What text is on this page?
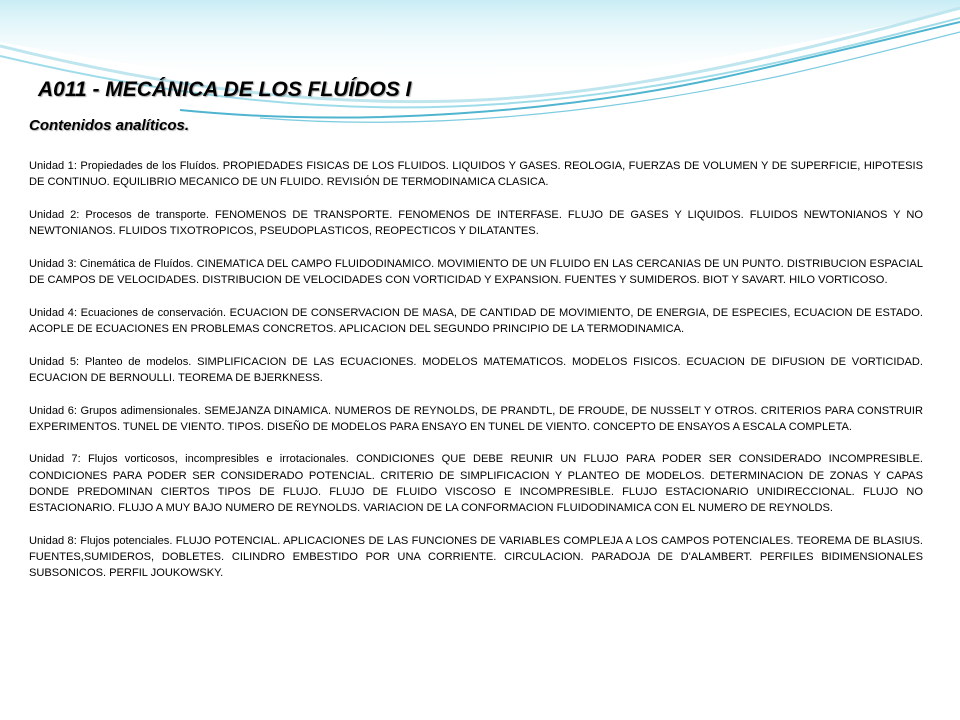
A011 - MECÁNICA DE LOS FLUÍDOS I
Contenidos analíticos.

Unidad 1: Propiedades de los Fluídos. PROPIEDADES FISICAS DE LOS FLUIDOS. LIQUIDOS Y GASES. REOLOGIA, FUERZAS DE VOLUMEN Y DE SUPERFICIE, HIPOTESIS DE CONTINUO. EQUILIBRIO MECANICO DE UN FLUIDO. REVISIÓN DE TERMODINAMICA CLASICA.

Unidad 2: Procesos de transporte. FENOMENOS DE TRANSPORTE. FENOMENOS DE INTERFASE. FLUJO DE GASES Y LIQUIDOS. FLUIDOS NEWTONIANOS Y NO NEWTONIANOS. FLUIDOS TIXOTROPICOS, PSEUDOPLASTICOS, REOPECTICOS Y DILATANTES.

Unidad 3: Cinemática de Fluídos. CINEMATICA DEL CAMPO FLUIDODINAMICO. MOVIMIENTO DE UN FLUIDO EN LAS CERCANIAS DE UN PUNTO. DISTRIBUCION ESPACIAL DE CAMPOS DE VELOCIDADES. DISTRIBUCION DE VELOCIDADES CON VORTICIDAD Y EXPANSION. FUENTES Y SUMIDEROS. BIOT Y SAVART. HILO VORTICOSO.

Unidad 4: Ecuaciones de conservación. ECUACION DE CONSERVACION DE MASA, DE CANTIDAD DE MOVIMIENTO, DE ENERGIA, DE ESPECIES, ECUACION DE ESTADO. ACOPLE DE ECUACIONES EN PROBLEMAS CONCRETOS. APLICACION DEL SEGUNDO PRINCIPIO DE LA TERMODINAMICA.

Unidad 5: Planteo de modelos. SIMPLIFICACION DE LAS ECUACIONES. MODELOS MATEMATICOS. MODELOS FISICOS. ECUACION DE DIFUSION DE VORTICIDAD. ECUACION DE BERNOULLI. TEOREMA DE BJERKNESS.

Unidad 6: Grupos adimensionales. SEMEJANZA DINAMICA. NUMEROS DE REYNOLDS, DE PRANDTL, DE FROUDE, DE NUSSELT Y OTROS. CRITERIOS PARA CONSTRUIR EXPERIMENTOS. TUNEL DE VIENTO. TIPOS. DISEÑO DE MODELOS PARA ENSAYO EN TUNEL DE VIENTO. CONCEPTO DE ENSAYOS A ESCALA COMPLETA.

Unidad 7: Flujos vorticosos, incompresibles e irrotacionales. CONDICIONES QUE DEBE REUNIR UN FLUJO PARA PODER SER CONSIDERADO INCOMPRESIBLE. CONDICIONES PARA PODER SER CONSIDERADO POTENCIAL. CRITERIO DE SIMPLIFICACION Y PLANTEO DE MODELOS. DETERMINACION DE ZONAS Y CAPAS DONDE PREDOMINAN CIERTOS TIPOS DE FLUJO. FLUJO DE FLUIDO VISCOSO E INCOMPRESIBLE. FLUJO ESTACIONARIO UNIDIRECCIONAL. FLUJO NO ESTACIONARIO. FLUJO A MUY BAJO NUMERO DE REYNOLDS. VARIACION DE LA CONFORMACION FLUIDODINAMICA CON EL NUMERO DE REYNOLDS.

Unidad 8: Flujos potenciales. FLUJO POTENCIAL. APLICACIONES DE LAS FUNCIONES DE VARIABLES COMPLEJA A LOS CAMPOS POTENCIALES. TEOREMA DE BLASIUS. FUENTES,SUMIDEROS, DOBLETES. CILINDRO EMBESTIDO POR UNA CORRIENTE. CIRCULACION. PARADOJA DE D'ALAMBERT. PERFILES BIDIMENSIONALES SUBSONICOS. PERFIL JOUKOWSKY.
